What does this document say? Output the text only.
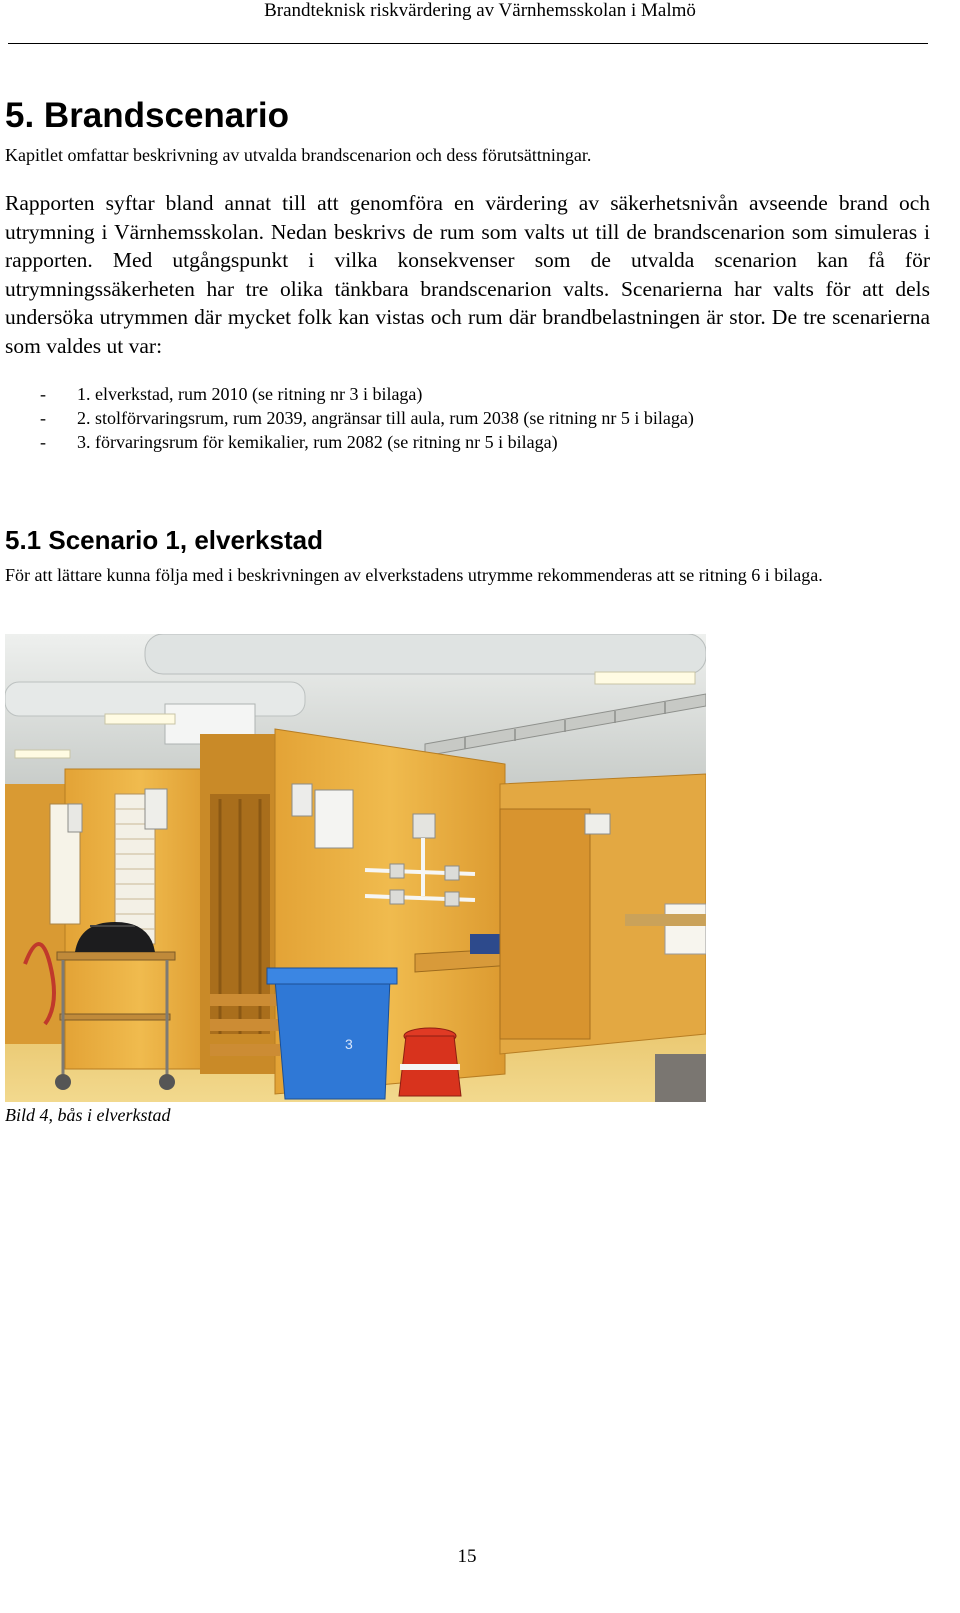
Brandteknisk riskvärdering av Värnhemsskolan i Malmö
5. Brandscenario
Kapitlet omfattar beskrivning av utvalda brandscenarion och dess förutsättningar.
Rapporten syftar bland annat till att genomföra en värdering av säkerhetsnivån avseende brand och utrymning i Värnhemsskolan. Nedan beskrivs de rum som valts ut till de brandscenarion som simuleras i rapporten. Med utgångspunkt i vilka konsekvenser som de utvalda scenarion kan få för utrymningssäkerheten har tre olika tänkbara brandscenarion valts. Scenarierna har valts för att dels undersöka utrymmen där mycket folk kan vistas och rum där brandbelastningen är stor. De tre scenarierna som valdes ut var:
- 1. elverkstad, rum 2010 (se ritning nr 3 i bilaga)
- 2. stolförvaringsrum, rum 2039, angränsar till aula, rum 2038 (se ritning nr 5 i bilaga)
- 3. förvaringsrum för kemikalier, rum 2082 (se ritning nr 5 i bilaga)
5.1 Scenario 1, elverkstad
För att lättare kunna följa med i beskrivningen av elverkstadens utrymme rekommenderas att se ritning 6 i bilaga.
3
Bild 4, bås i elverkstad
15
